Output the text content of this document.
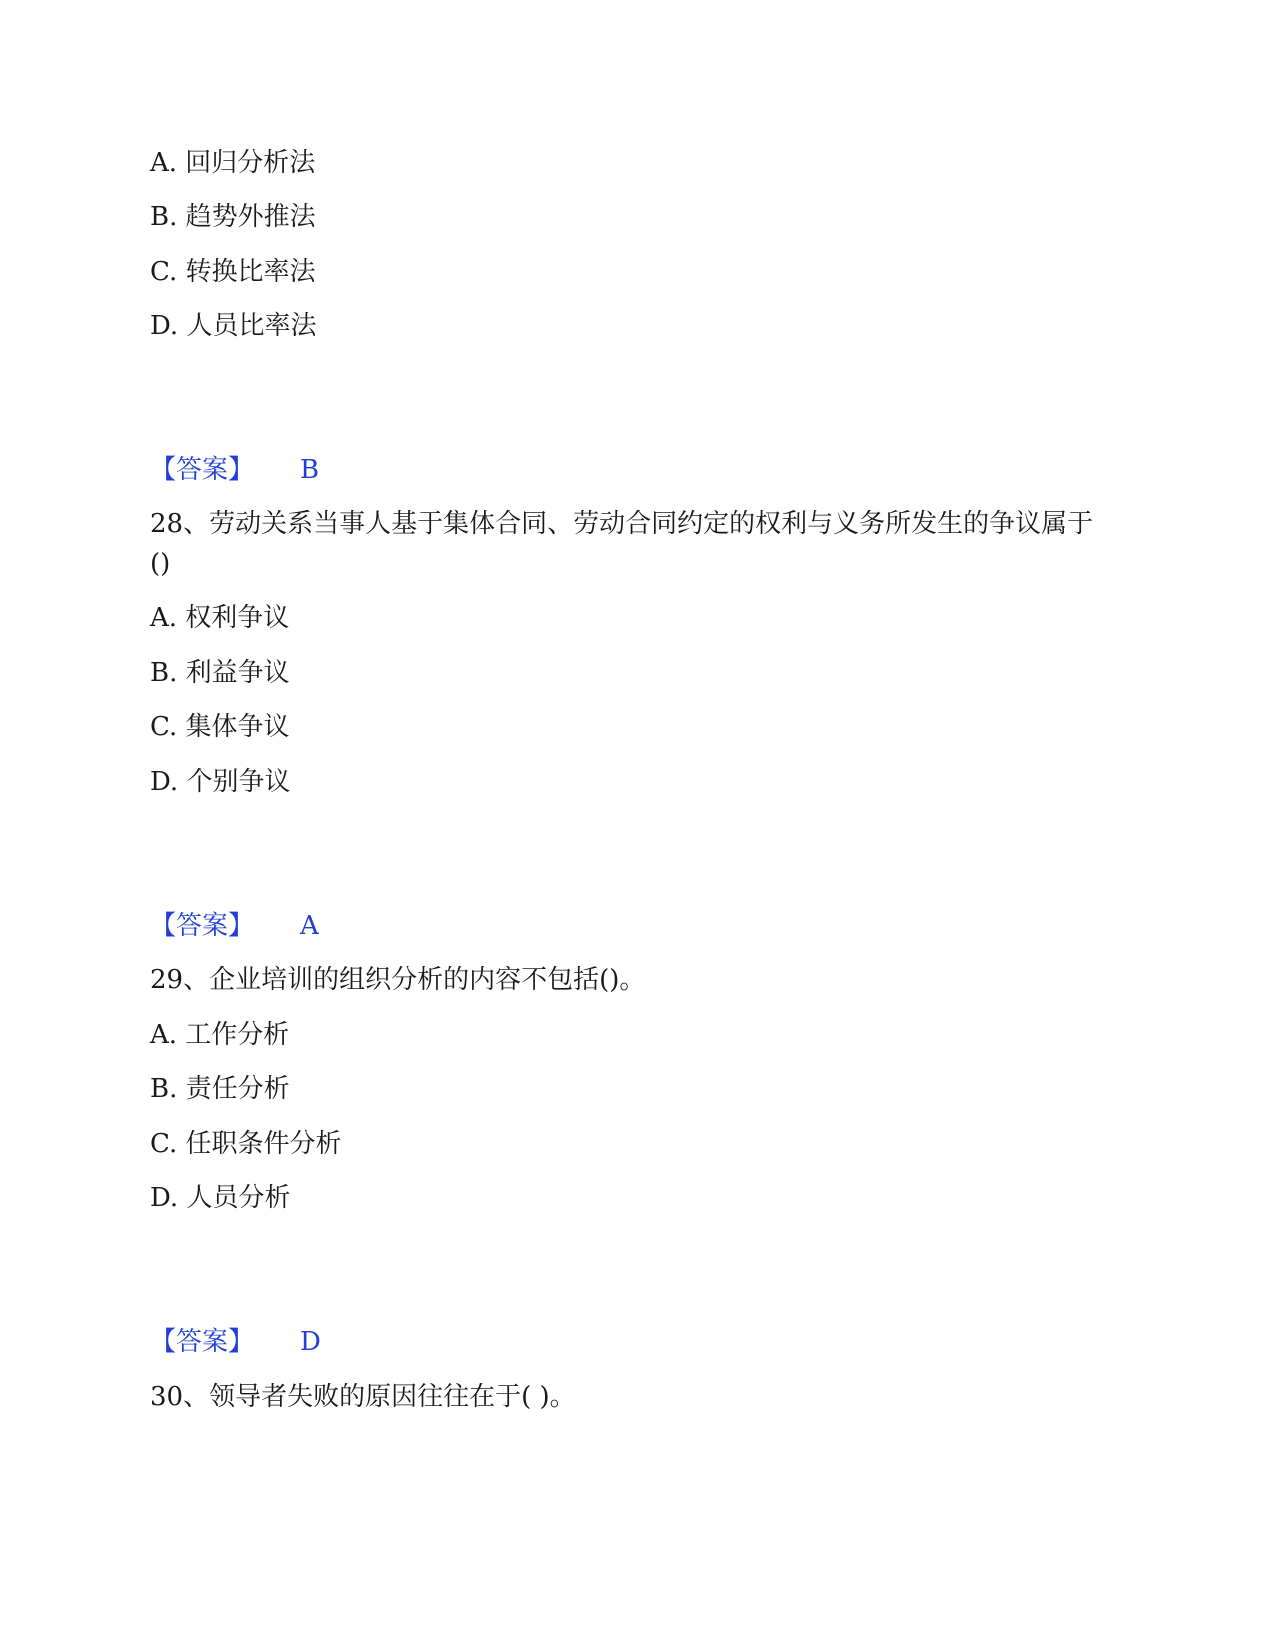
A. 回归分析法
B. 趋势外推法
C. 转换比率法
D. 人员比率法
【答案】 B
28、劳动关系当事人基于集体合同、劳动合同约定的权利与义务所发生的争议属于()
A. 权利争议
B. 利益争议
C. 集体争议
D. 个别争议
【答案】 A
29、企业培训的组织分析的内容不包括()。
A. 工作分析
B. 责任分析
C. 任职条件分析
D. 人员分析
【答案】 D
30、领导者失败的原因往往在于( )。
